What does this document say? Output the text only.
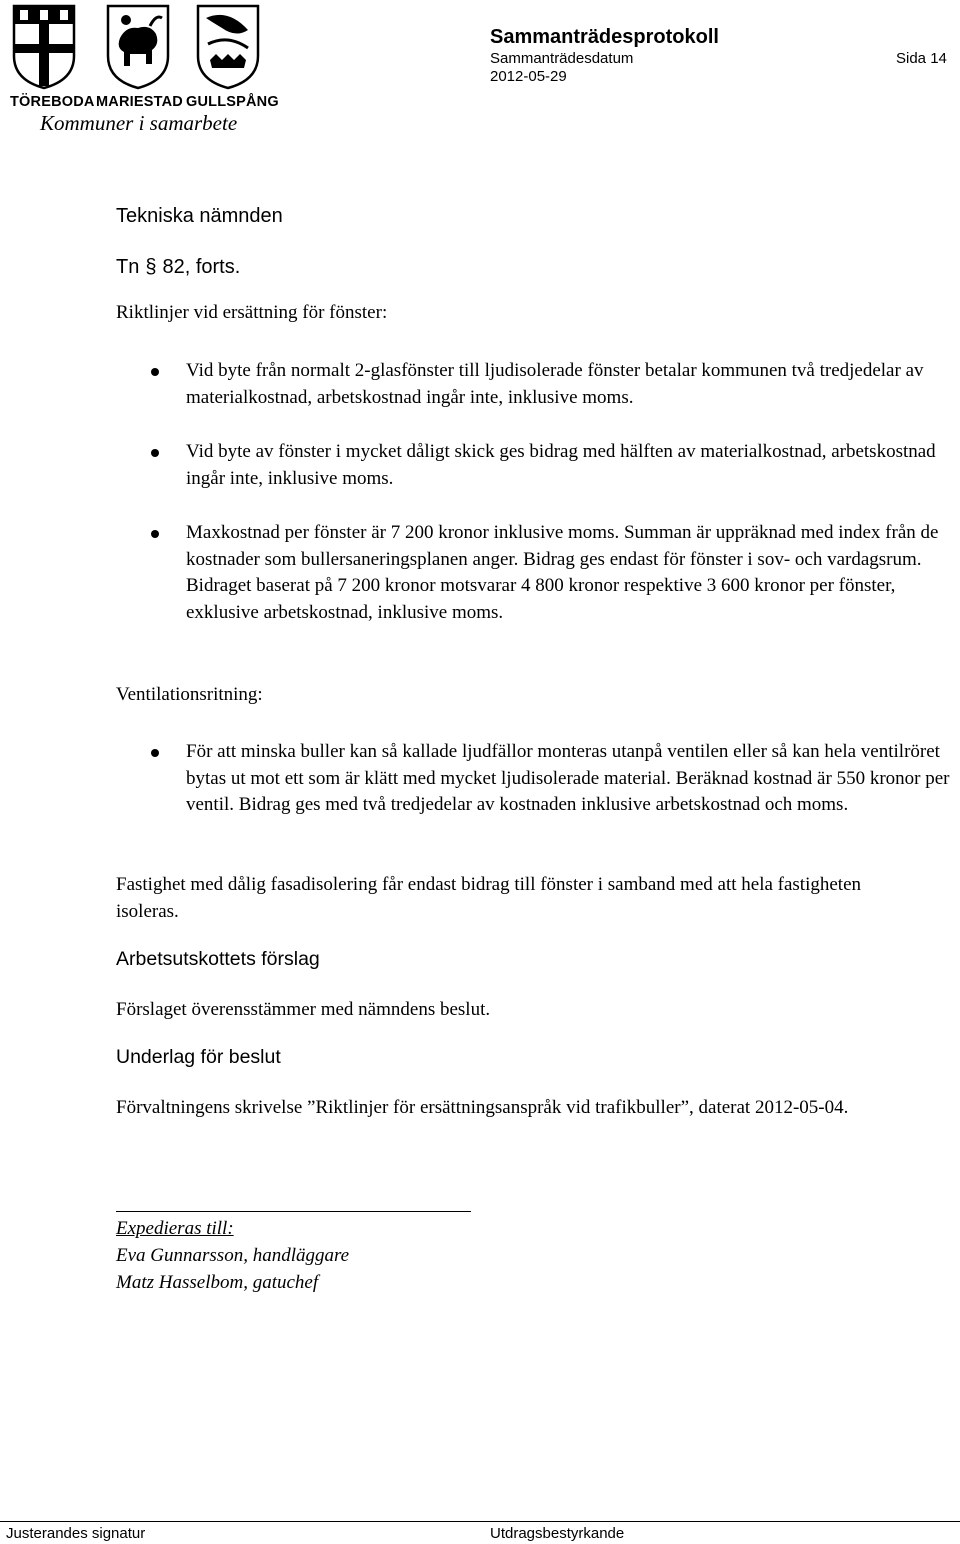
TÖREBODA MARIESTAD GULLSPÅNG
Kommuner i samarbete
Sammanträdesprotokoll
Sammanträdesdatum	Sida 14
2012-05-29
Tekniska nämnden
Tn § 82, forts.
Riktlinjer vid ersättning för fönster:
Vid byte från normalt 2-glasfönster till ljudisolerade fönster betalar kommunen två tredjedelar av materialkostnad, arbetskostnad ingår inte, inklusive moms.
Vid byte av fönster i mycket dåligt skick ges bidrag med hälften av materialkostnad, arbetskostnad ingår inte, inklusive moms.
Maxkostnad per fönster är 7 200 kronor inklusive moms. Summan är uppräknad med index från de kostnader som bullersaneringsplanen anger. Bidrag ges endast för fönster i sov- och vardagsrum. Bidraget baserat på 7 200 kronor motsvarar 4 800 kronor respektive 3 600 kronor per fönster, exklusive arbetskostnad, inklusive moms.
Ventilationsritning:
För att minska buller kan så kallade ljudfällor monteras utanpå ventilen eller så kan hela ventilröret bytas ut mot ett som är klätt med mycket ljudisolerade material. Beräknad kostnad är 550 kronor per ventil. Bidrag ges med två tredjedelar av kostnaden inklusive arbetskostnad och moms.
Fastighet med dålig fasadisolering får endast bidrag till fönster i samband med att hela fastigheten isoleras.
Arbetsutskottets förslag
Förslaget överensstämmer med nämndens beslut.
Underlag för beslut
Förvaltningens skrivelse ”Riktlinjer för ersättningsanspråk vid trafikbuller”, daterat 2012-05-04.
Expedieras till:
Eva Gunnarsson, handläggare
Matz Hasselbom, gatuchef
Justerandes signatur	Utdragsbestyrkande
